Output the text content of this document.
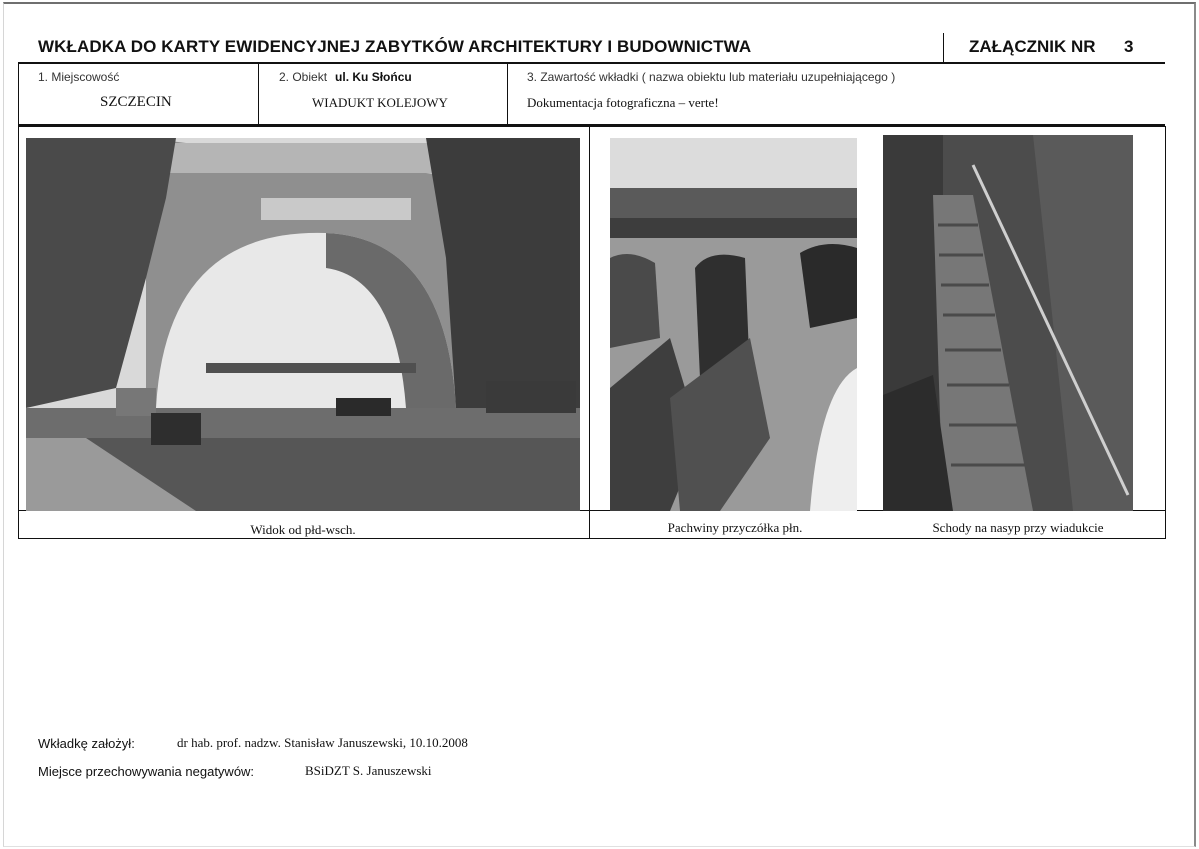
WKŁADKA DO KARTY EWIDENCYJNEJ ZABYTKÓW ARCHITEKTURY I BUDOWNICTWA	ZAŁĄCZNIK NR 3
1. Miejscowość
SZCZECIN
2. Obiekt ul. Ku Słońcu
WIADUKT KOLEJOWY
3. Zawartość wkładki ( nazwa obiektu lub materiału uzupełniającego )
Dokumentacja fotograficzna – verte!
Widok od płd-wsch.	Pachwiny przyczółka płn.	Schody na nasyp przy wiadukcie
Wkładkę założył:	dr hab. prof. nadzw. Stanisław Januszewski, 10.10.2008
Miejsce przechowywania negatywów:	BSiDZT S. Januszewski
